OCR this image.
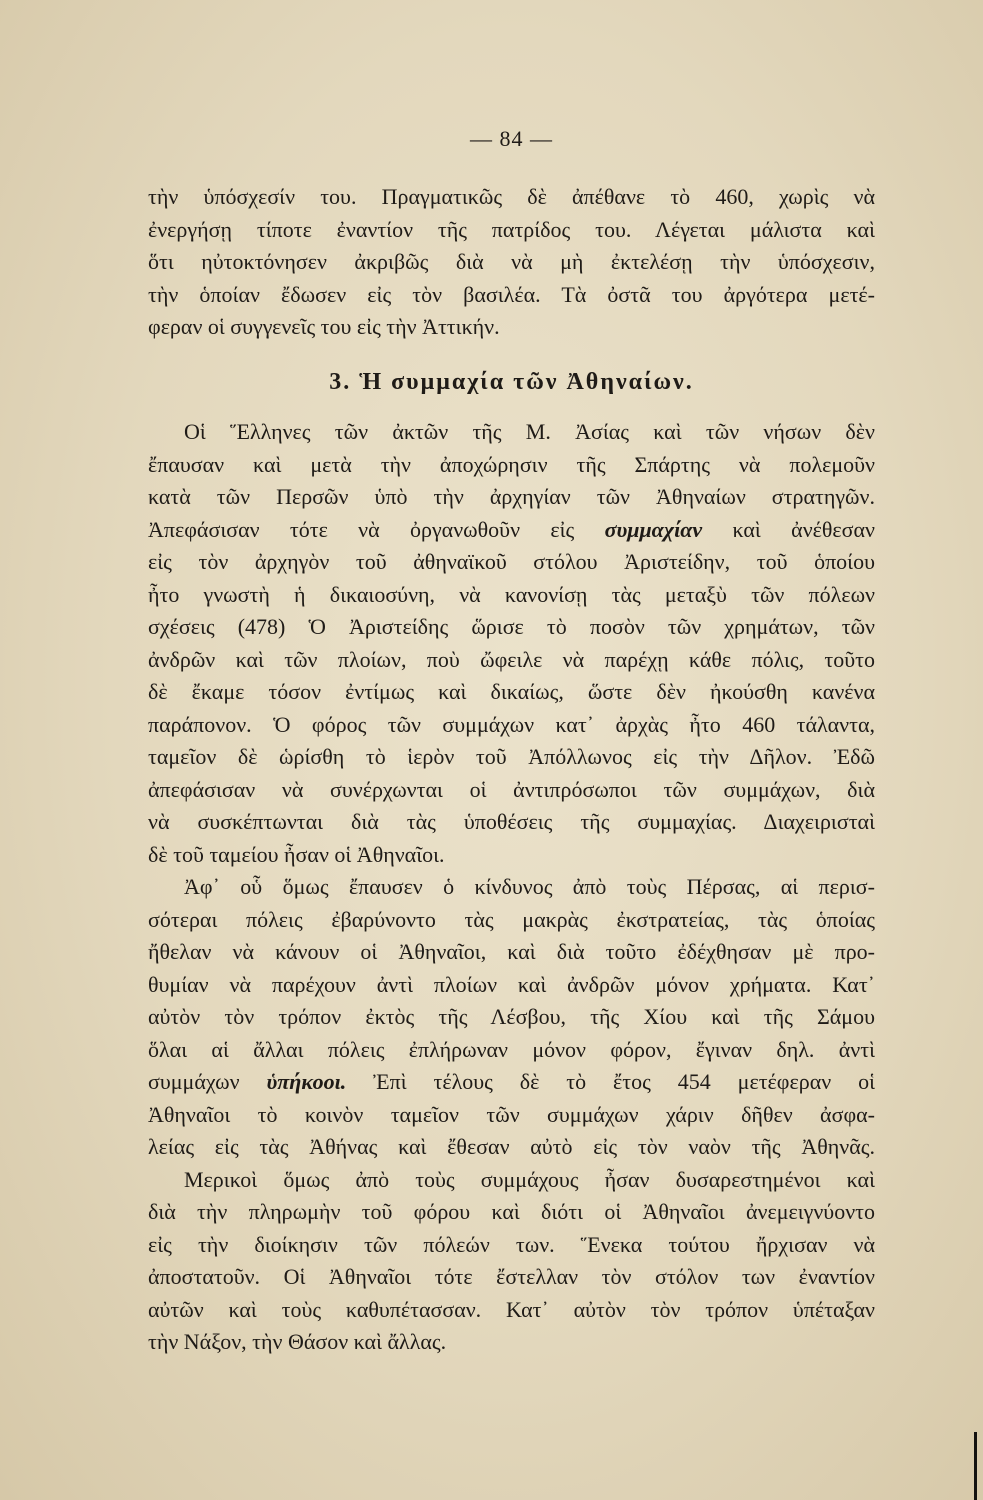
— 84 —
τὴν ὑπόσχεσίν του. Πραγματικῶς δὲ ἀπέθανε τὸ 460, χωρὶς νὰ
ἐνεργήσῃ τίποτε ἐναντίον τῆς πατρίδος του. Λέγεται μάλιστα καὶ
ὅτι ηὐτοκτόνησεν ἀκριβῶς διὰ νὰ μὴ ἐκτελέσῃ τὴν ὑπόσχεσιν,
τὴν ὁποίαν ἔδωσεν εἰς τὸν βασιλέα. Τὰ ὀστᾶ του ἀργότερα μετέ-
φεραν οἱ συγγενεῖς του εἰς τὴν Ἀττικήν.
3. Ἡ συμμαχία τῶν Ἀθηναίων.
Οἱ Ἕλληνες τῶν ἀκτῶν τῆς Μ. Ἀσίας καὶ τῶν νήσων δὲν
ἔπαυσαν καὶ μετὰ τὴν ἀποχώρησιν τῆς Σπάρτης νὰ πολεμοῦν
κατὰ τῶν Περσῶν ὑπὸ τὴν ἀρχηγίαν τῶν Ἀθηναίων στρατηγῶν.
Ἀπεφάσισαν τότε νὰ ὀργανωθοῦν εἰς συμμαχίαν καὶ ἀνέθεσαν
εἰς τὸν ἀρχηγὸν τοῦ ἀθηναϊκοῦ στόλου Ἀριστείδην, τοῦ ὁποίου
ἦτο γνωστὴ ἡ δικαιοσύνη, νὰ κανονίσῃ τὰς μεταξὺ τῶν πόλεων
σχέσεις (478) Ὁ Ἀριστείδης ὥρισε τὸ ποσὸν τῶν χρημάτων, τῶν
ἀνδρῶν καὶ τῶν πλοίων, ποὺ ὤφειλε νὰ παρέχῃ κάθε πόλις, τοῦτο
δὲ ἔκαμε τόσον ἐντίμως καὶ δικαίως, ὥστε δὲν ἠκούσθη κανένα
παράπονον. Ὁ φόρος τῶν συμμάχων κατ᾽ ἀρχὰς ἦτο 460 τάλαντα,
ταμεῖον δὲ ὡρίσθη τὸ ἱερὸν τοῦ Ἀπόλλωνος εἰς τὴν Δῆλον. Ἐδῶ
ἀπεφάσισαν νὰ συνέρχωνται οἱ ἀντιπρόσωποι τῶν συμμάχων, διὰ
νὰ συσκέπτωνται διὰ τὰς ὑποθέσεις τῆς συμμαχίας. Διαχειρισταὶ
δὲ τοῦ ταμείου ἦσαν οἱ Ἀθηναῖοι.
Ἀφ᾽ οὗ ὅμως ἔπαυσεν ὁ κίνδυνος ἀπὸ τοὺς Πέρσας, αἱ περισ-
σότεραι πόλεις ἐβαρύνοντο τὰς μακρὰς ἐκστρατείας, τὰς ὁποίας
ἤθελαν νὰ κάνουν οἱ Ἀθηναῖοι, καὶ διὰ τοῦτο ἐδέχθησαν μὲ προ-
θυμίαν νὰ παρέχουν ἀντὶ πλοίων καὶ ἀνδρῶν μόνον χρήματα. Κατ᾽
αὐτὸν τὸν τρόπον ἐκτὸς τῆς Λέσβου, τῆς Χίου καὶ τῆς Σάμου
ὅλαι αἱ ἄλλαι πόλεις ἐπλήρωναν μόνον φόρον, ἔγιναν δηλ. ἀντὶ
συμμάχων ὑπήκοοι. Ἐπὶ τέλους δὲ τὸ ἔτος 454 μετέφεραν οἱ
Ἀθηναῖοι τὸ κοινὸν ταμεῖον τῶν συμμάχων χάριν δῆθεν ἀσφα-
λείας εἰς τὰς Ἀθήνας καὶ ἔθεσαν αὐτὸ εἰς τὸν ναὸν τῆς Ἀθηνᾶς.
Μερικοὶ ὅμως ἀπὸ τοὺς συμμάχους ἦσαν δυσαρεστημένοι καὶ
διὰ τὴν πληρωμὴν τοῦ φόρου καὶ διότι οἱ Ἀθηναῖοι ἀνεμειγνύοντο
εἰς τὴν διοίκησιν τῶν πόλεών των. Ἕνεκα τούτου ἤρχισαν νὰ
ἀποστατοῦν. Οἱ Ἀθηναῖοι τότε ἔστελλαν τὸν στόλον των ἐναντίον
αὐτῶν καὶ τοὺς καθυπέτασσαν. Κατ᾽ αὐτὸν τὸν τρόπον ὑπέταξαν
τὴν Νάξον, τὴν Θάσον καὶ ἄλλας.
